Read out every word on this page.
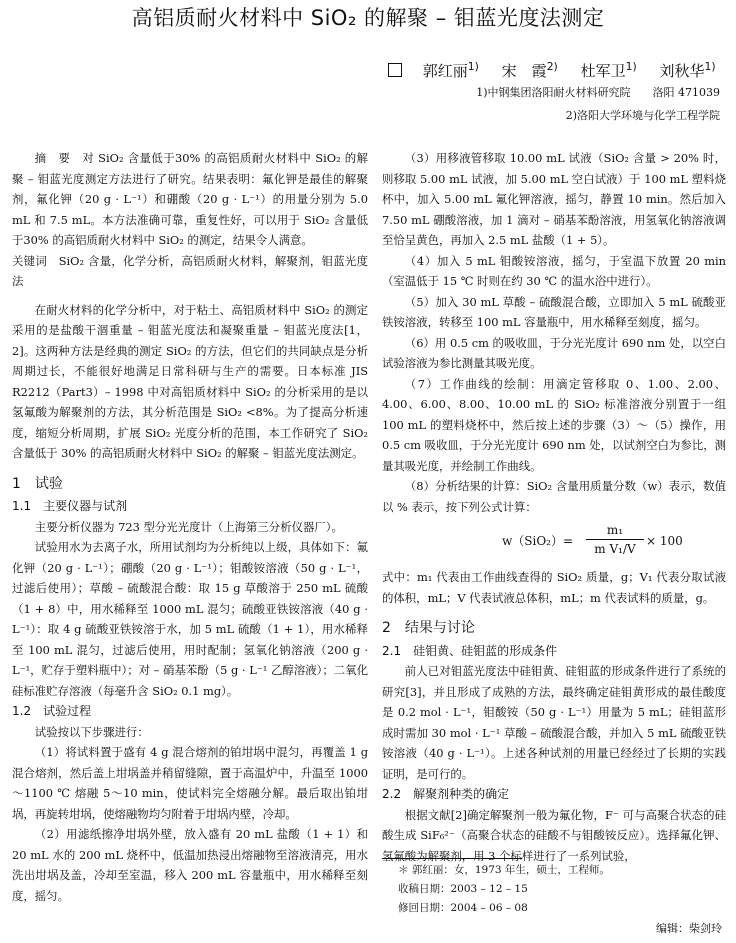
高铝质耐火材料中 SiO₂ 的解聚 – 钼蓝光度法测定
郭红丽$^{1)}$ 宋　霞$^{2)}$ 杜军卫$^{1)}$ 刘秋华$^{1)}$
1)中钢集团洛阳耐火材料研究院　　洛阳 471039
2)洛阳大学环境与化学工程学院

摘　要　 对 SiO₂ 含量低于30% 的高铝质耐火材料中 SiO₂ 的解聚 – 钼蓝光度测定方法进行了研究。结果表明：氟化钾是最佳的解聚剂，氟化钾（20 g · L⁻¹）和硼酸（20 g · L⁻¹）的用量分别为 5.0 mL 和 7.5 mL。本方法准确可靠，重复性好，可以用于 SiO₂ 含量低于30% 的高铝质耐火材料中 SiO₂ 的测定，结果令人满意。

关键词　 SiO₂ 含量，化学分析，高铝质耐火材料，解聚剂，钼蓝光度法

在耐火材料的化学分析中，对于粘土、高铝质材料中 SiO₂ 的测定采用的是盐酸干涸重量 – 钼蓝光度法和凝聚重量 – 钼蓝光度法[1，2]。这两种方法是经典的测定 SiO₂ 的方法，但它们的共同缺点是分析周期过长，不能很好地满足日常科研与生产的需要。日本标准 JIS R2212（Part3）– 1998 中对高铝质材料中 SiO₂ 的分析采用的是以氢氟酸为解聚剂的方法，其分析范围是 SiO₂ <8%。为了提高分析速度，缩短分析周期，扩展 SiO₂ 光度分析的范围，本工作研究了 SiO₂ 含量低于 30% 的高铝质耐火材料中 SiO₂ 的解聚 – 钼蓝光度法测定。

1　试验
1.1　主要仪器与试剂

主要分析仪器为 723 型分光光度计（上海第三分析仪器厂）。

试验用水为去离子水，所用试剂均为分析纯以上级，具体如下：氟化钾（20 g · L⁻¹）；硼酸（20 g · L⁻¹）；钼酸铵溶液（50 g · L⁻¹，过滤后使用）；草酸 – 硫酸混合酸：取 15 g 草酸溶于 250 mL 硫酸（1 + 8）中，用水稀释至 1000 mL 混匀；硫酸亚铁铵溶液（40 g · L⁻¹）：取 4 g 硫酸亚铁铵溶于水，加 5 mL 硫酸（1 + 1），用水稀释至 100 mL 混匀，过滤后使用，用时配制；氢氧化钠溶液（200 g · L⁻¹，贮存于塑料瓶中）；对 – 硝基苯酚（5 g · L⁻¹ 乙醇溶液）；二氧化硅标准贮存溶液（每毫升含 SiO₂ 0.1 mg）。

1.2　试验过程

试验按以下步骤进行：

（1）将试料置于盛有 4 g 混合熔剂的铂坩埚中混匀，再覆盖 1 g 混合熔剂，然后盖上坩埚盖并稍留缝隙，置于高温炉中，升温至 1000～1100 ℃ 熔融 5～10 min，使试料完全熔融分解。最后取出铂坩埚，再旋转坩埚，使熔融物均匀附着于坩埚内壁，冷却。

（2）用滤纸擦净坩埚外壁，放入盛有 20 mL 盐酸（1 + 1）和 20 mL 水的 200 mL 烧杯中，低温加热浸出熔融物至溶液清亮，用水洗出坩埚及盖，冷却至室温，移入 200 mL 容量瓶中，用水稀释至刻度，摇匀。

（3）用移液管移取 10.00 mL 试液（SiO₂ 含量 > 20% 时，则移取 5.00 mL 试液，加 5.00 mL 空白试液）于 100 mL 塑料烧杯中，加入 5.00 mL 氟化钾溶液，摇匀，静置 10 min。然后加入 7.50 mL 硼酸溶液，加 1 滴对 – 硝基苯酚溶液，用氢氧化钠溶液调至恰呈黄色，再加入 2.5 mL 盐酸（1 + 5）。

（4）加入 5 mL 钼酸铵溶液，摇匀，于室温下放置 20 min（室温低于 15 ℃ 时则在约 30 ℃ 的温水浴中进行）。

（5）加入 30 mL 草酸 – 硫酸混合酸，立即加入 5 mL 硫酸亚铁铵溶液，转移至 100 mL 容量瓶中，用水稀释至刻度，摇匀。

（6）用 0.5 cm 的吸收皿，于分光光度计 690 nm 处，以空白试验溶液为参比测量其吸光度。

（7）工作曲线的绘制：用滴定管移取 0、1.00、2.00、4.00、6.00、8.00、10.00 mL 的 SiO₂ 标准溶液分别置于一组 100 mL 的塑料烧杯中，然后按上述的步骤（3）～（5）操作，用 0.5 cm 吸收皿，于分光光度计 690 nm 处，以试剂空白为参比，测量其吸光度，并绘制工作曲线。

（8）分析结果的计算：SiO₂ 含量用质量分数（w）表示，数值以 % 表示，按下列公式计算：

$w(SiO_2)= \frac{\text{m₁}}{\text{m V₁/V}} \times 100$

式中：m₁ 代表由工作曲线查得的 SiO₂ 质量，g；V₁ 代表分取试液的体积，mL；V 代表试液总体积，mL；m 代表试料的质量，g。

2　结果与讨论
2.1　硅钼黄、硅钼蓝的形成条件

前人已对钼蓝光度法中硅钼黄、硅钼蓝的形成条件进行了系统的研究[3]，并且形成了成熟的方法，最终确定硅钼黄形成的最佳酸度是 0.2 mol · L⁻¹，钼酸铵（50 g · L⁻¹）用量为 5 mL；硅钼蓝形成时需加 30 mol · L⁻¹ 草酸 – 硫酸混合酸，并加入 5 mL 硫酸亚铁铵溶液（40 g · L⁻¹）。上述各种试剂的用量已经经过了长期的实践证明，是可行的。

2.2　解聚剂种类的确定

根据文献[2]确定解聚剂一般为氟化物，F⁻ 可与高聚合状态的硅酸生成 SiF₆²⁻（高聚合状态的硅酸不与钼酸铵反应）。选择氟化钾、氢氟酸为解聚剂，用 3 个标样进行了一系列试验，

＊ 郭红丽：女，1973 年生，硕士，工程师。
收稿日期：2003 – 12 – 15
修回日期：2004 – 06 – 08
编辑：柴剑玲
